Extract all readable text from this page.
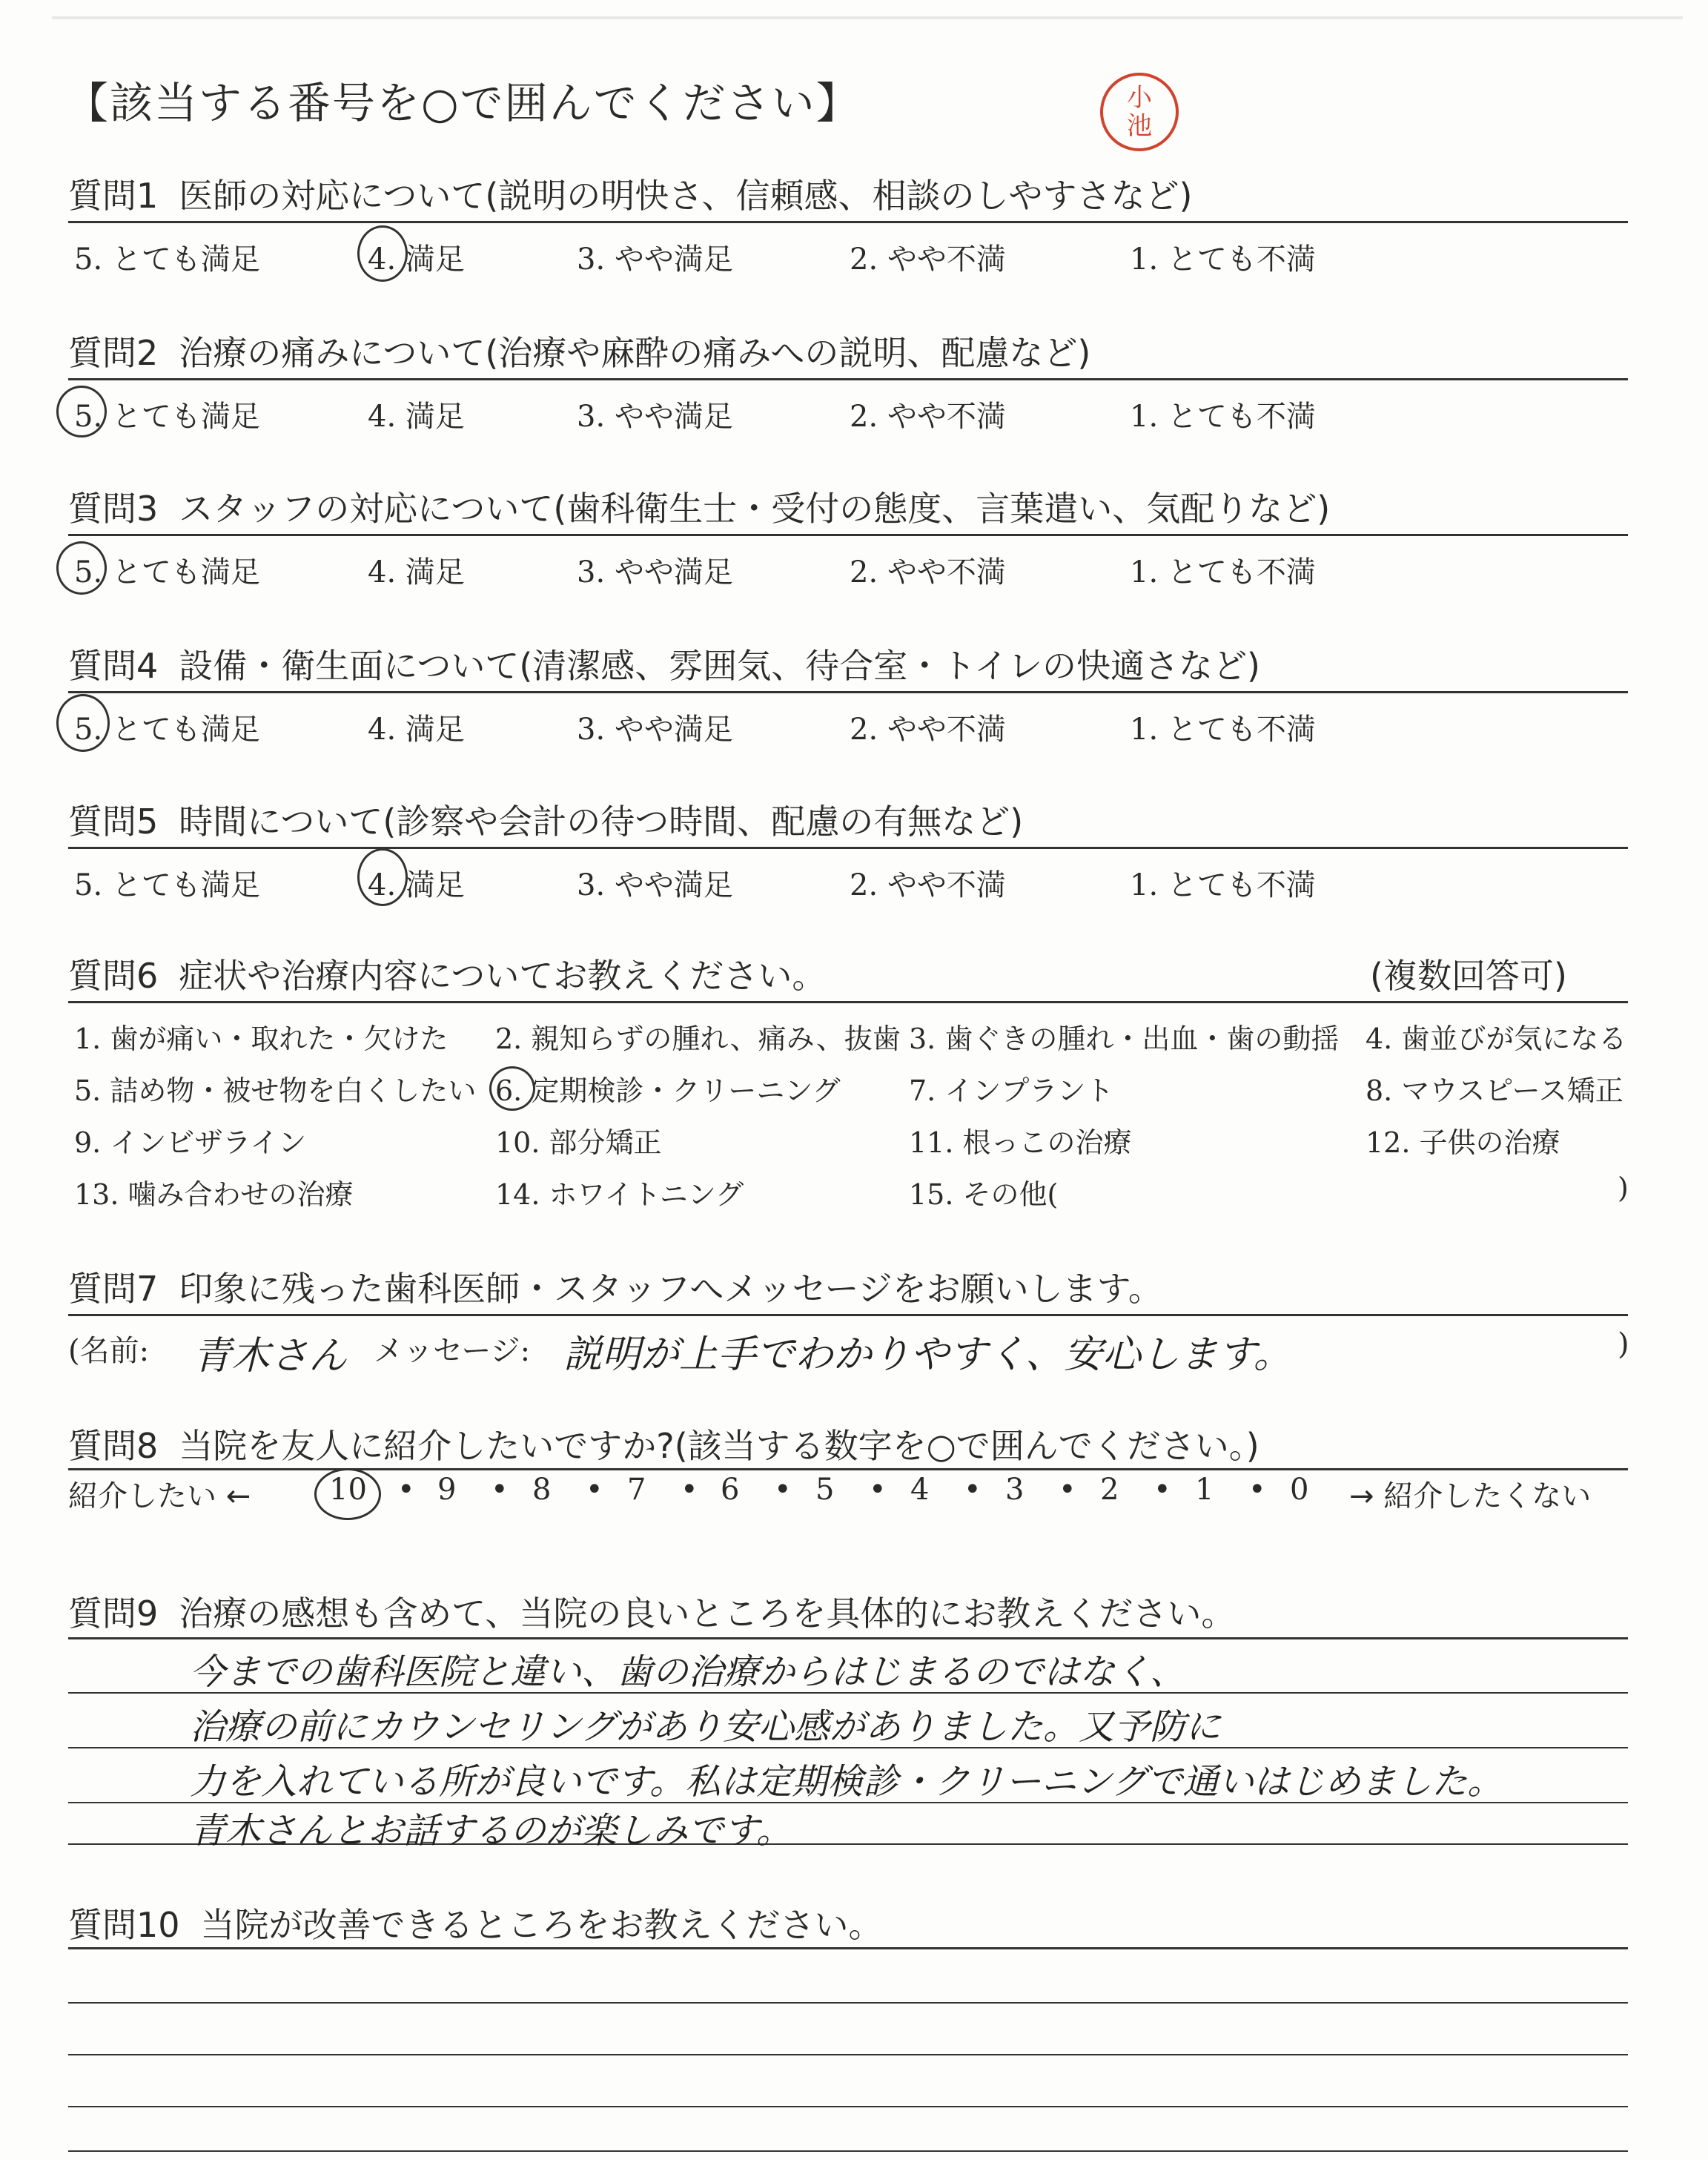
【該当する番号を○で囲んでください】	小
池
質問1 医師の対応について(説明の明快さ、信頼感、相談のしやすさなど)
5. とても満足	4. 満足	3. やや満足	2. やや不満	1. とても不満
質問2 治療の痛みについて(治療や麻酔の痛みへの説明、配慮など)
5. とても満足	4. 満足	3. やや満足	2. やや不満	1. とても不満
質問3 スタッフの対応について(歯科衛生士・受付の態度、言葉遣い、気配りなど)
5. とても満足	4. 満足	3. やや満足	2. やや不満	1. とても不満
質問4 設備・衛生面について(清潔感、雰囲気、待合室・トイレの快適さなど)
5. とても満足	4. 満足	3. やや満足	2. やや不満	1. とても不満
質問5 時間について(診察や会計の待つ時間、配慮の有無など)
5. とても満足	4. 満足	3. やや満足	2. やや不満	1. とても不満
質問6 症状や治療内容についてお教えください。	(複数回答可)
1. 歯が痛い・取れた・欠けた 2. 親知らずの腫れ、痛み、抜歯 3. 歯ぐきの腫れ・出血・歯の動揺 4. 歯並びが気になる
5. 詰め物・被せ物を白くしたい 6. 定期検診・クリーニング 7. インプラント	8. マウスピース矯正
9. インビザライン	10. 部分矯正	11. 根っこの治療	12. 子供の治療
13. 噛み合わせの治療	14. ホワイトニング	15. その他(	)
質問7 印象に残った歯科医師・スタッフへメッセージをお願いします。
(名前: 青木さん メッセージ: 説明が上手でわかりやすく、安心します。	)
質問8 当院を友人に紹介したいですか?(該当する数字を○で囲んでください。)
紹介したい ←	10 • 9 • 8 • 7 • 6 • 5 • 4 • 3 • 2 • 1 • 0 → 紹介したくない
質問9 治療の感想も含めて、当院の良いところを具体的にお教えください。
今までの歯科医院と違い、歯の治療からはじまるのではなく、
治療の前にカウンセリングがあり安心感がありました。又予防に
力を入れている所が良いです。私は定期検診・クリーニングで通いはじめました。
青木さんとお話するのが楽しみです。
質問10 当院が改善できるところをお教えください。
